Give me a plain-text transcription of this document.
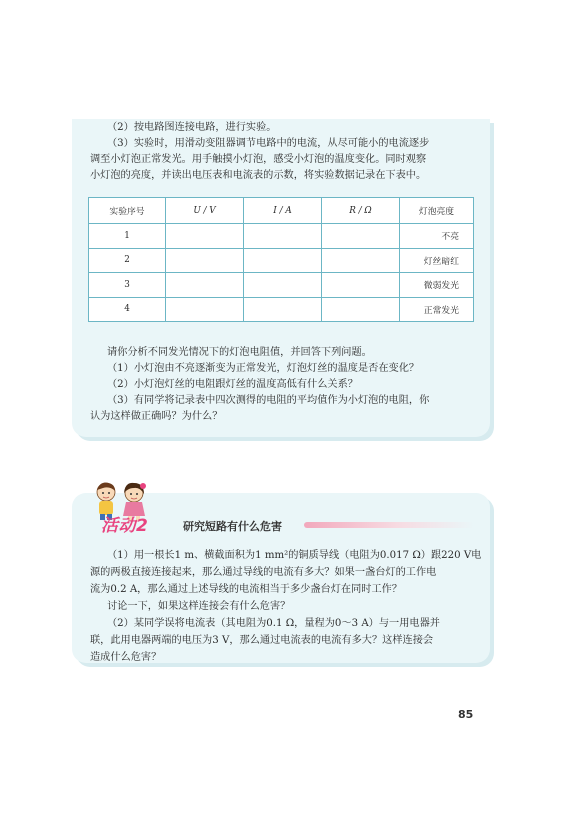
（2）按电路图连接电路，进行实验。
（3）实验时，用滑动变阻器调节电路中的电流，从尽可能小的电流逐步
调至小灯泡正常发光。用手触摸小灯泡，感受小灯泡的温度变化。同时观察
小灯泡的亮度，并读出电压表和电流表的示数，将实验数据记录在下表中。
实验序号	U / V	I / A	R / Ω	灯泡亮度
1				不亮
2				灯丝暗红
3				微弱发光
4				正常发光
请你分析不同发光情况下的灯泡电阻值，并回答下列问题。
（1）小灯泡由不亮逐渐变为正常发光，灯泡灯丝的温度是否在变化？
（2）小灯泡灯丝的电阻跟灯丝的温度高低有什么关系？
（3）有同学将记录表中四次测得的电阻的平均值作为小灯泡的电阻，你
认为这样做正确吗？为什么？
活动2	研究短路有什么危害
（1）用一根长1 m、横截面积为1 mm²的铜质导线（电阻为0.017 Ω）跟220 V电
源的两极直接连接起来，那么通过导线的电流有多大？如果一盏台灯的工作电
流为0.2 A，那么通过上述导线的电流相当于多少盏台灯在同时工作？
讨论一下，如果这样连接会有什么危害？
（2）某同学误将电流表（其电阻为0.1 Ω，量程为0～3 A）与一用电器并
联，此用电器两端的电压为3 V，那么通过电流表的电流有多大？这样连接会
造成什么危害？
85
